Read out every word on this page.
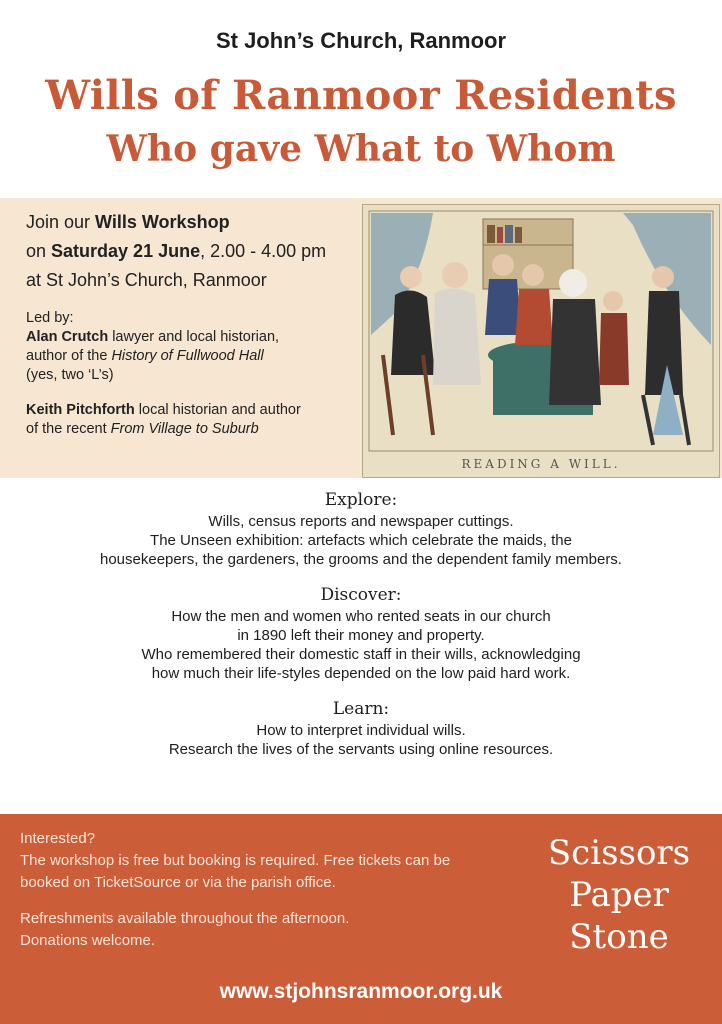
St John’s Church, Ranmoor
Wills of Ranmoor Residents
Who gave What to Whom
Join our Wills Workshop
on Saturday 21 June, 2.00 - 4.00 pm
at St John’s Church, Ranmoor
Led by:
Alan Crutch lawyer and local historian,
author of the History of Fullwood Hall
(yes, two ‘L’s)
Keith Pitchforth local historian and author
of the recent From Village to Suburb
READING A WILL.
Explore:
Wills, census reports and newspaper cuttings.
The Unseen exhibition: artefacts which celebrate the maids, the
housekeepers, the gardeners, the grooms and the dependent family members.
Discover:
How the men and women who rented seats in our church
in 1890 left their money and property.
Who remembered their domestic staff in their wills, acknowledging
how much their life-styles depended on the low paid hard work.
Learn:
How to interpret individual wills.
Research the lives of the servants using online resources.
Interested?
The workshop is free but booking is required. Free tickets can be
booked on TicketSource or via the parish office.
Refreshments available throughout the afternoon.
Donations welcome.
Scissors
Paper
Stone
www.stjohnsranmoor.org.uk
